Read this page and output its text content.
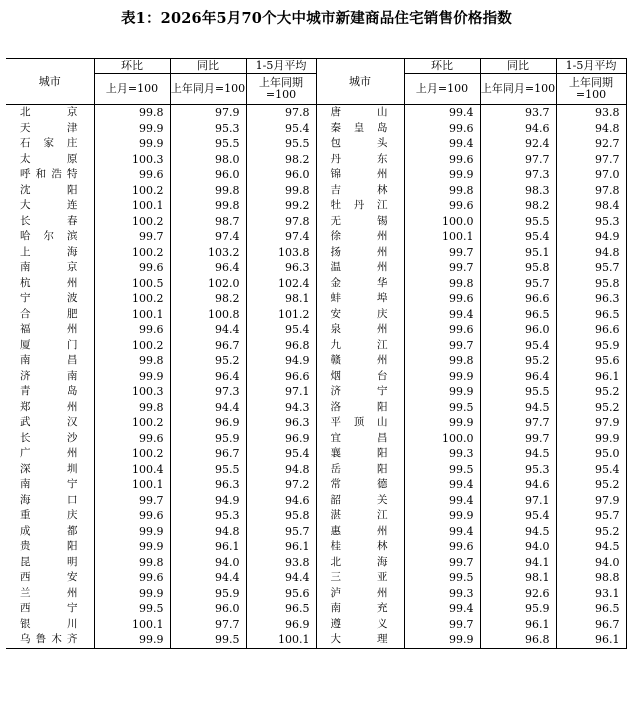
表1：2026年5月70个大中城市新建商品住宅销售价格指数
城市	环比	同比	1-5月平均	城市	环比	同比	1-5月平均
	上月=100	上年同月=100	上年同期=100		上月=100	上年同月=100	上年同期=100
北　京	99.8	97.9	97.8	唐　山	99.4	93.7	93.8
天　津	99.9	95.3	95.4	秦皇岛	99.6	94.6	94.8
石家庄	99.9	95.5	95.5	包　头	99.4	92.4	92.7
太　原	100.3	98.0	98.2	丹　东	99.6	97.7	97.7
呼和浩特	99.6	96.0	96.0	锦　州	99.9	97.3	97.0
沈　阳	100.2	99.8	99.8	吉　林	99.8	98.3	97.8
大　连	100.1	99.8	99.2	牡丹江	99.6	98.2	98.4
长　春	100.2	98.7	97.8	无　锡	100.0	95.5	95.3
哈尔滨	99.7	97.4	97.4	徐　州	100.1	95.4	94.9
上　海	100.2	103.2	103.8	扬　州	99.7	95.1	94.8
南　京	99.6	96.4	96.3	温　州	99.7	95.8	95.7
杭　州	100.5	102.0	102.4	金　华	99.8	95.7	95.8
宁　波	100.2	98.2	98.1	蚌　埠	99.6	96.6	96.3
合　肥	100.1	100.8	101.2	安　庆	99.4	96.5	96.5
福　州	99.6	94.4	95.4	泉　州	99.6	96.0	96.6
厦　门	100.2	96.7	96.8	九　江	99.7	95.4	95.9
南　昌	99.8	95.2	94.9	赣　州	99.8	95.2	95.6
济　南	99.9	96.4	96.6	烟　台	99.9	96.4	96.1
青　岛	100.3	97.3	97.1	济　宁	99.9	95.5	95.2
郑　州	99.8	94.4	94.3	洛　阳	99.5	94.5	95.2
武　汉	100.2	96.9	96.3	平顶山	99.9	97.7	97.9
长　沙	99.6	95.9	96.9	宜　昌	100.0	99.7	99.9
广　州	100.2	96.7	95.4	襄　阳	99.3	94.5	95.0
深　圳	100.4	95.5	94.8	岳　阳	99.5	95.3	95.4
南　宁	100.1	96.3	97.2	常　德	99.4	94.6	95.2
海　口	99.7	94.9	94.6	韶　关	99.4	97.1	97.9
重　庆	99.6	95.3	95.8	湛　江	99.9	95.4	95.7
成　都	99.9	94.8	95.7	惠　州	99.4	94.5	95.2
贵　阳	99.9	96.1	96.1	桂　林	99.6	94.0	94.5
昆　明	99.8	94.0	93.8	北　海	99.7	94.1	94.0
西　安	99.6	94.4	94.4	三　亚	99.5	98.1	98.8
兰　州	99.9	95.9	95.6	泸　州	99.3	92.6	93.1
西　宁	99.5	96.0	96.5	南　充	99.4	95.9	96.5
银　川	100.1	97.7	96.9	遵　义	99.7	96.1	96.7
乌鲁木齐	99.9	99.5	100.1	大　理	99.9	96.8	96.1
